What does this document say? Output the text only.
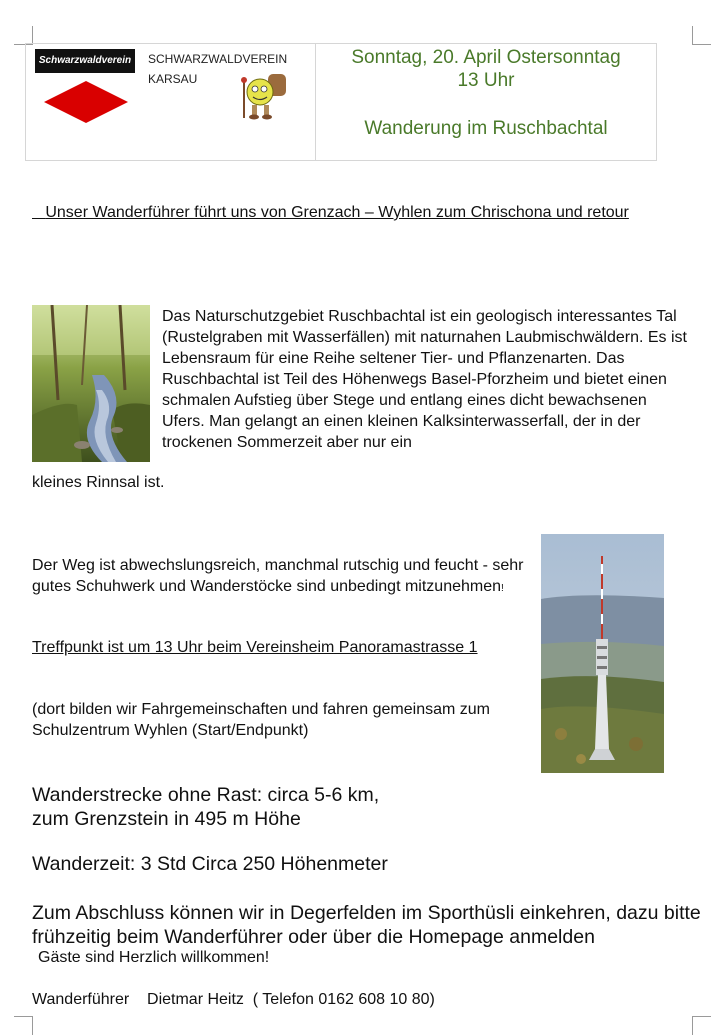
Schwarzwaldverein	SCHWARZWALDVEREIN
KARSAU
Sonntag, 20. April Ostersonntag
13 Uhr
Wanderung im Ruschbachtal
Unser Wanderführer führt uns von Grenzach – Wyhlen zum Chrischona und retour
Das Naturschutzgebiet Ruschbachtal ist ein geologisch interessantes Tal (Rustelgraben mit Wasserfällen) mit naturnahen Laubmischwäldern. Es ist Lebensraum für eine Reihe seltener Tier- und Pflanzenarten. Das Ruschbachtal ist Teil des Höhenwegs Basel-Pforzheim und bietet einen schmalen Aufstieg über Stege und entlang eines dicht bewachsenen Ufers. Man gelangt an einen kleinen Kalksinterwasserfall, der in der trockenen Sommerzeit aber nur ein
kleines Rinnsal ist.
Der Weg ist abwechslungsreich, manchmal rutschig und feucht - sehr gutes Schuhwerk und Wanderstöcke sind unbedingt mitzunehmen!
Treffpunkt ist um 13 Uhr beim Vereinsheim Panoramastrasse 1
(dort bilden wir Fahrgemeinschaften und fahren gemeinsam zum Schulzentrum Wyhlen (Start/Endpunkt)
Wanderstrecke ohne Rast: circa 5-6 km,
zum Grenzstein in 495 m Höhe
Wanderzeit: 3 Std Circa 250 Höhenmeter
Zum Abschluss können wir in Degerfelden im Sporthüsli einkehren, dazu bitte frühzeitig beim Wanderführer oder über die Homepage anmelden
Gäste sind Herzlich willkommen!
Wanderführer    Dietmar Heitz  ( Telefon 0162 608 10 80)
